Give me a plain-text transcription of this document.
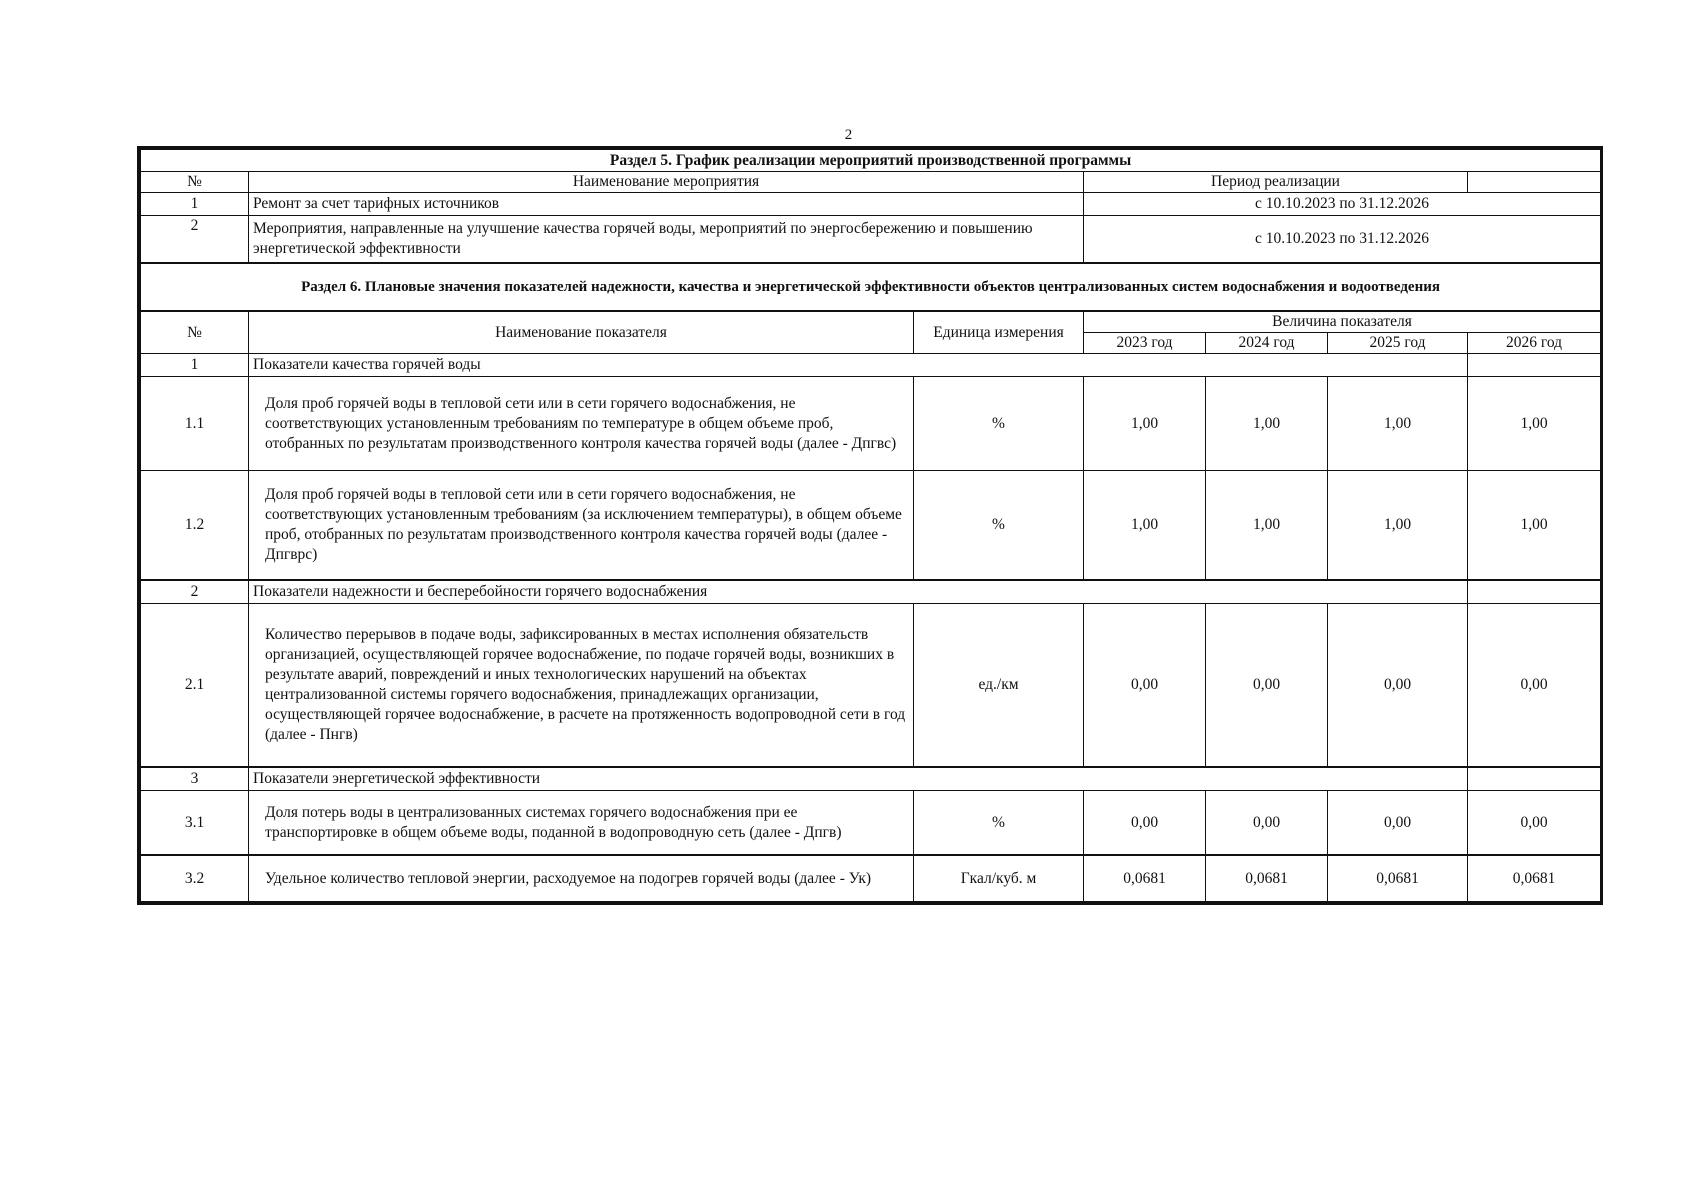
2
Раздел 5. График реализации мероприятий производственной программы						
№	Наименование мероприятия		Период реализации			
1	Ремонт за счет тарифных источников		с 10.10.2023 по 31.12.2026			
2	Мероприятия, направленные на улучшение качества горячей воды, мероприятий по энергосбережению и повышению энергетической эффективности		с 10.10.2023 по 31.12.2026			
Раздел 6. Плановые значения показателей надежности, качества и энергетической эффективности объектов централизованных систем водоснабжения и водоотведения						
№	Наименование показателя	Единица измерения	Величина показателя			
			2023 год	2024 год	2025 год	2026 год
1	Показатели качества горячей воды					
1.1	Доля проб горячей воды в тепловой сети или в сети горячего водоснабжения, не соответствующих установленным требованиям по температуре в общем объеме проб, отобранных по результатам производственного контроля качества горячей воды (далее - Дпгвс)	%	1,00	1,00	1,00	1,00
1.2	Доля проб горячей воды в тепловой сети или в сети горячего водоснабжения, не соответствующих установленным требованиям (за исключением температуры), в общем объеме проб, отобранных по результатам производственного контроля качества горячей воды (далее - Дпгврс)	%	1,00	1,00	1,00	1,00
2	Показатели надежности и бесперебойности горячего водоснабжения					
2.1	Количество перерывов в подаче воды, зафиксированных в местах исполнения обязательств организацией, осуществляющей горячее водоснабжение, по подаче горячей воды, возникших в результате аварий, повреждений и иных технологических нарушений на объектах централизованной системы горячего водоснабжения, принадлежащих организации, осуществляющей горячее водоснабжение, в расчете на протяженность водопроводной сети в год (далее - Пнгв)	ед./км	0,00	0,00	0,00	0,00
3	Показатели энергетической эффективности					
3.1	Доля потерь воды в централизованных системах горячего водоснабжения при ее транспортировке в общем объеме воды, поданной в водопроводную сеть (далее - Дпгв)	%	0,00	0,00	0,00	0,00
3.2	Удельное количество тепловой энергии, расходуемое на подогрев горячей воды (далее - Ук)	Гкал/куб. м	0,0681	0,0681	0,0681	0,0681
